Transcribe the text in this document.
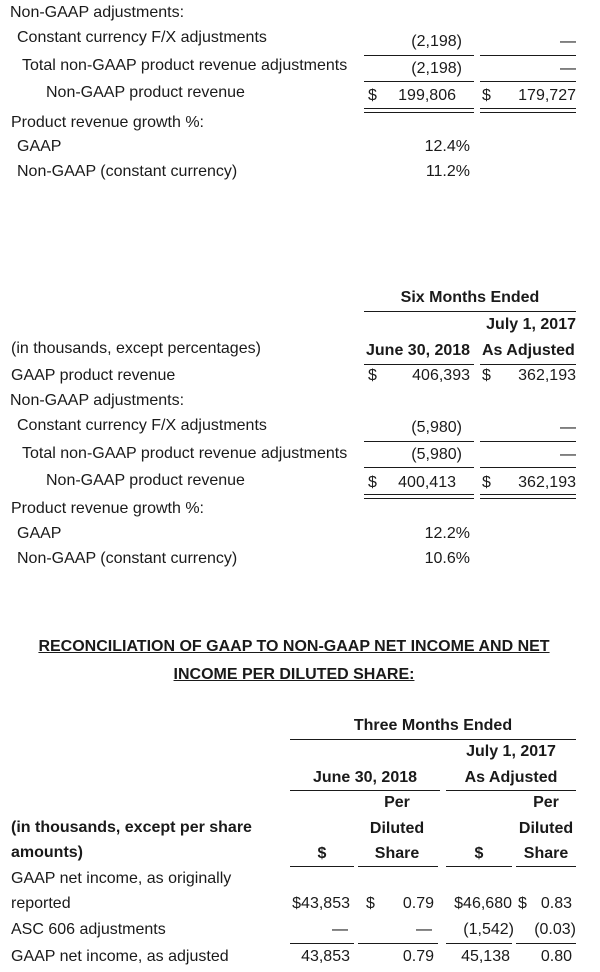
Non-GAAP adjustments:
Constant currency F/X adjustments	(2,198)	—
Total non-GAAP product revenue adjustments	(2,198)	—
Non-GAAP product revenue	$	199,806 $	179,727
Product revenue growth %:
GAAP	12.4%
Non-GAAP (constant currency)	11.2%
Six Months Ended
July 1, 2017
(in thousands, except percentages)	June 30, 2018 As Adjusted
GAAP product revenue	$	406,393 $	362,193
Non-GAAP adjustments:
Constant currency F/X adjustments	(5,980)	—
Total non-GAAP product revenue adjustments	(5,980)	—
Non-GAAP product revenue	$	400,413 $	362,193
Product revenue growth %:
GAAP	12.2%
Non-GAAP (constant currency)	10.6%
RECONCILIATION OF GAAP TO NON-GAAP NET INCOME AND NET
INCOME PER DILUTED SHARE:
Three Months Ended
July 1, 2017
June 30, 2018	As Adjusted
Per	Per
(in thousands, except per share	Diluted	Diluted
amounts)	$	Share	$	Share
GAAP net income, as originally
reported	$43,853 $	0.79	$46,680 $ 0.83
ASC 606 adjustments	—	—	(1,542)	(0.03)
GAAP net income, as adjusted	43,853	0.79	45,138	0.80
